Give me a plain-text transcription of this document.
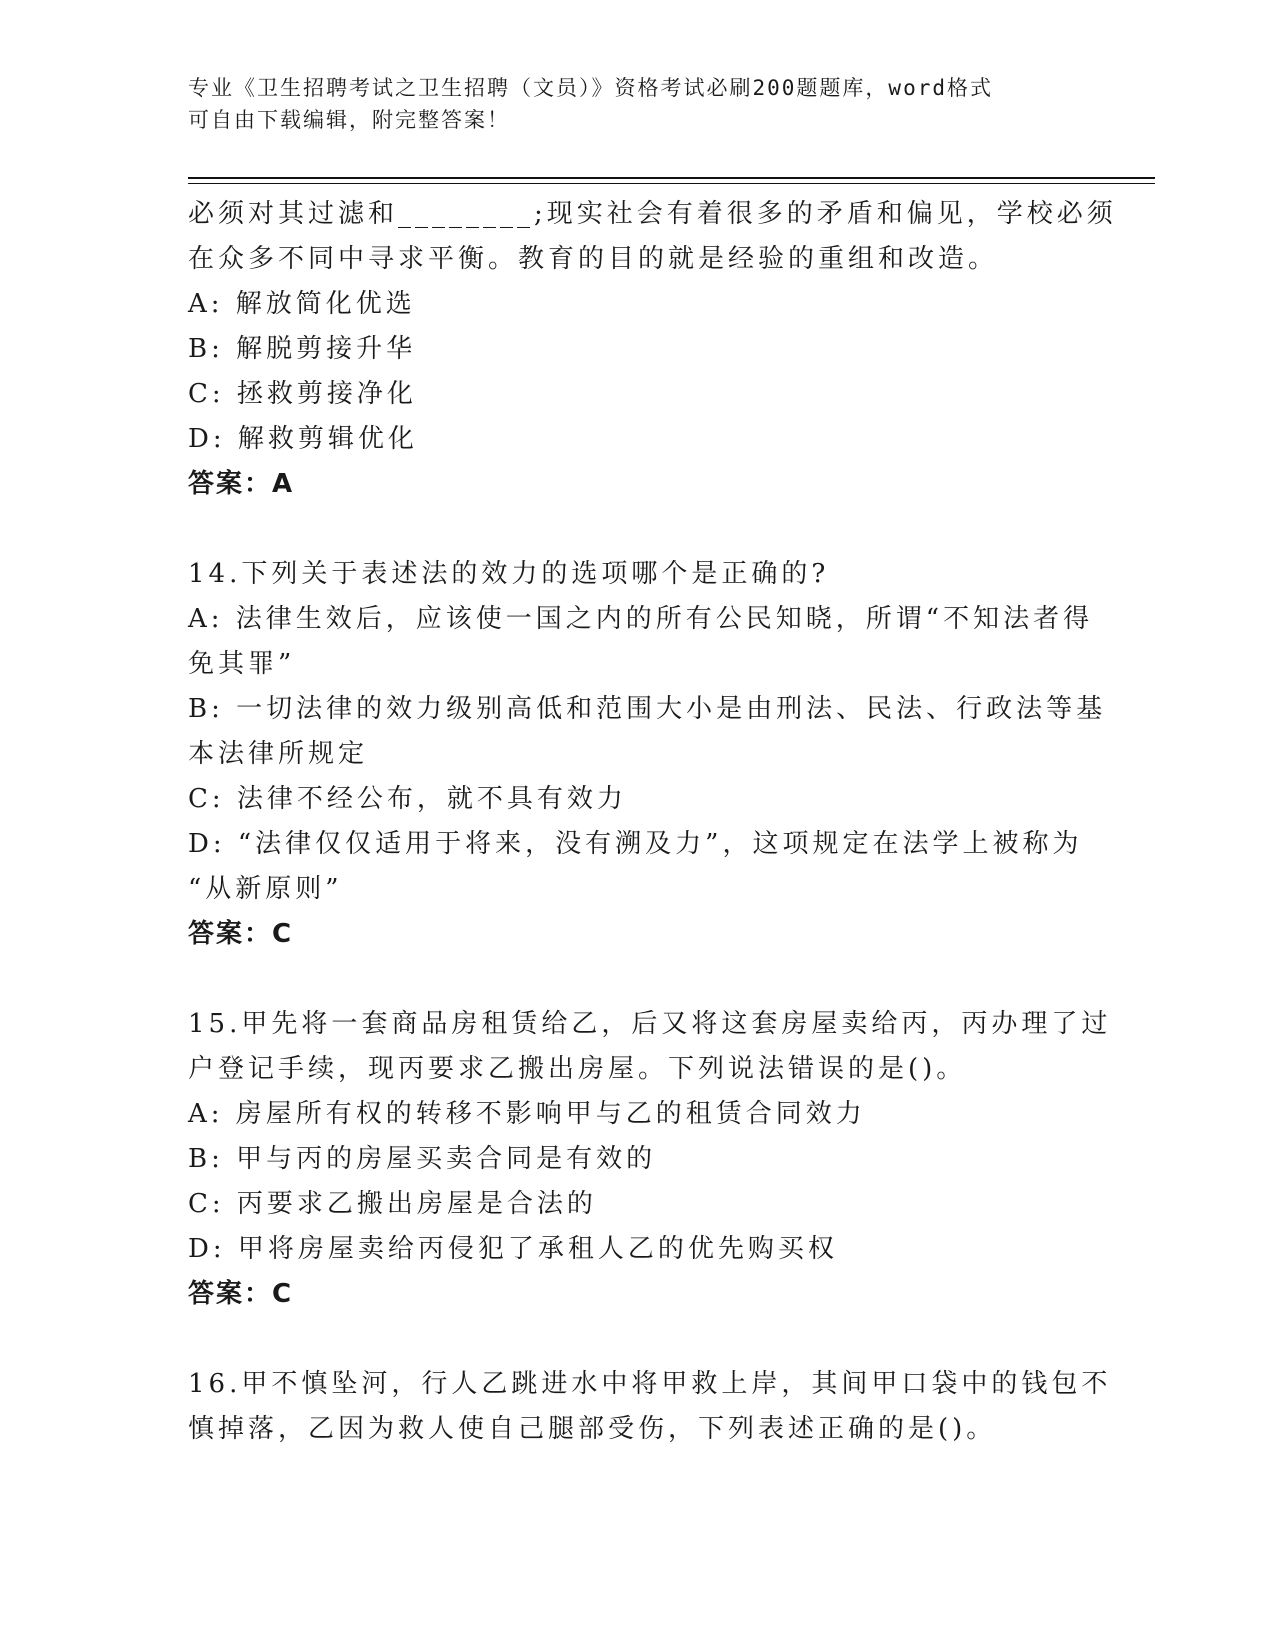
专业《卫生招聘考试之卫生招聘（文员）》资格考试必刷200题题库，word格式
可自由下载编辑，附完整答案！

必须对其过滤和________;现实社会有着很多的矛盾和偏见，学校必须

在众多不同中寻求平衡。教育的目的就是经验的重组和改造。

A: 解放简化优选

B: 解脱剪接升华

C: 拯救剪接净化

D: 解救剪辑优化

答案：A

14.下列关于表述法的效力的选项哪个是正确的?

A: 法律生效后，应该使一国之内的所有公民知晓，所谓“不知法者得

免其罪”

B: 一切法律的效力级别高低和范围大小是由刑法、民法、行政法等基

本法律所规定

C: 法律不经公布，就不具有效力

D: “法律仅仅适用于将来，没有溯及力”，这项规定在法学上被称为

“从新原则”

答案：C

15.甲先将一套商品房租赁给乙，后又将这套房屋卖给丙，丙办理了过

户登记手续，现丙要求乙搬出房屋。下列说法错误的是()。

A: 房屋所有权的转移不影响甲与乙的租赁合同效力

B: 甲与丙的房屋买卖合同是有效的

C: 丙要求乙搬出房屋是合法的

D: 甲将房屋卖给丙侵犯了承租人乙的优先购买权

答案：C

16.甲不慎坠河，行人乙跳进水中将甲救上岸，其间甲口袋中的钱包不

慎掉落，乙因为救人使自己腿部受伤，下列表述正确的是()。
